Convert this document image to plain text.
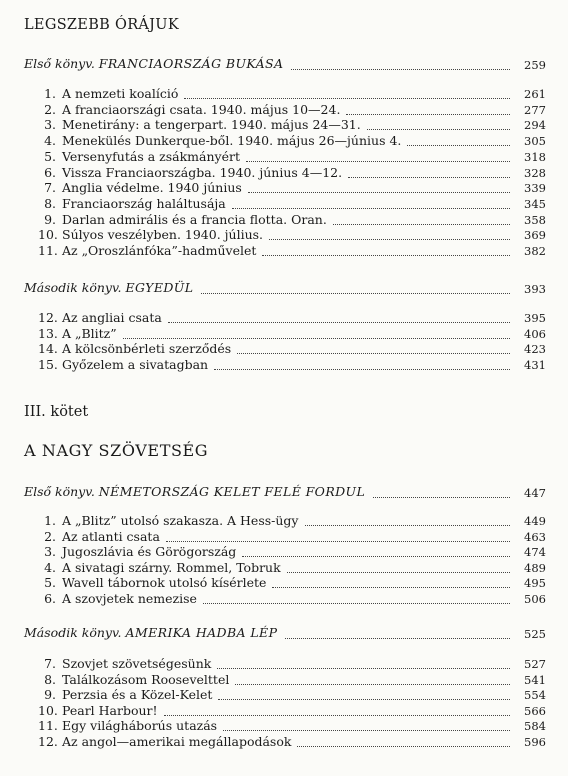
LEGSZEBB ÓRÁJUK
Első könyv. FRANCIAORSZÁG BUKÁSA	259
1. A nemzeti koalíció	261
2. A franciaországi csata. 1940. május 10—24.	277
3. Menetirány: a tengerpart. 1940. május 24—31.	294
4. Menekülés Dunkerque-ből. 1940. május 26—június 4.	305
5. Versenyfutás a zsákmányért	318
6. Vissza Franciaországba. 1940. június 4—12.	328
7. Anglia védelme. 1940 június	339
8. Franciaország haláltusája	345
9. Darlan admirális és a francia flotta. Oran.	358
10. Súlyos veszélyben. 1940. július.	369
11. Az „Oroszlánfóka”-hadművelet	382
Második könyv. EGYEDÜL	393
12. Az angliai csata	395
13. A „Blitz”	406
14. A kölcsönbérleti szerződés	423
15. Győzelem a sivatagban	431
III. kötet
A NAGY SZÖVETSÉG
Első könyv. NÉMETORSZÁG KELET FELÉ FORDUL	447
1. A „Blitz” utolsó szakasza. A Hess-ügy	449
2. Az atlanti csata	463
3. Jugoszlávia és Görögország	474
4. A sivatagi szárny. Rommel, Tobruk	489
5. Wavell tábornok utolsó kísérlete	495
6. A szovjetek nemezise	506
Második könyv. AMERIKA HADBA LÉP	525
7. Szovjet szövetségesünk	527
8. Találkozásom Roosevelttel	541
9. Perzsia és a Közel-Kelet	554
10. Pearl Harbour!	566
11. Egy világháborús utazás	584
12. Az angol—amerikai megállapodások	596
